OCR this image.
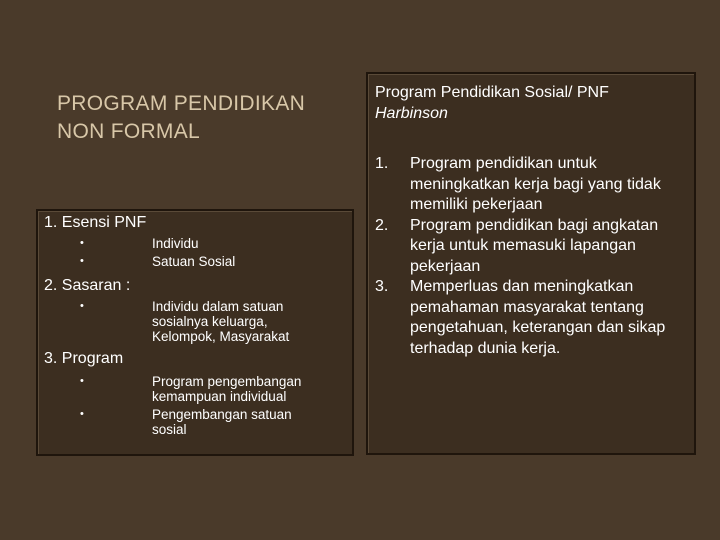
PROGRAM PENDIDIKAN NON FORMAL
1. Esensi PNF
•	Individu
•	Satuan Sosial
2. Sasaran :
•	Individu dalam satuan sosialnya keluarga, Kelompok, Masyarakat
3. Program
•	Program pengembangan kemampuan individual
•	Pengembangan satuan sosial
Program Pendidikan Sosial/ PNF
Harbinson
1.	Program pendidikan untuk meningkatkan kerja bagi yang tidak memiliki pekerjaan
2.	Program pendidikan bagi angkatan kerja untuk memasuki lapangan pekerjaan
3.	Memperluas dan meningkatkan pemahaman masyarakat tentang pengetahuan, keterangan dan sikap terhadap dunia kerja.
